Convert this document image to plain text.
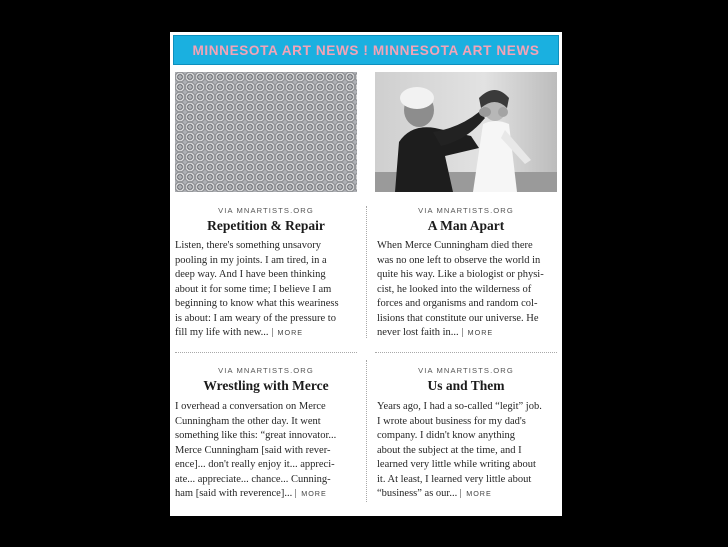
MINNESOTA ART NEWS ! MINNESOTA ART NEWS
VIA MNARTISTS.ORG
Repetition & Repair

Listen, there's something unsavory
pooling in my joints. I am tired, in a
deep way. And I have been thinking
about it for some time; I believe I am
beginning to know what this weariness
is about: I am weary of the pressure to
fill my life with new... MORE

VIA MNARTISTS.ORG
A Man Apart

When Merce Cunningham died there
was no one left to observe the world in
quite his way. Like a biologist or physi-
cist, he looked into the wilderness of
forces and organisms and random col-
lisions that constitute our universe. He
never lost faith in... MORE

VIA MNARTISTS.ORG
Wrestling with Merce

I overhead a conversation on Merce
Cunningham the other day. It went
something like this: “great innovator...
Merce Cunningham [said with rever-
ence]... don't really enjoy it... appreci-
ate... appreciate... chance... Cunning-
ham [said with reverence]... MORE

VIA MNARTISTS.ORG
Us and Them

Years ago, I had a so-called “legit” job.
I wrote about business for my dad's
company. I didn't know anything
about the subject at the time, and I
learned very little while writing about
it. At least, I learned very little about
“business” as our... MORE
